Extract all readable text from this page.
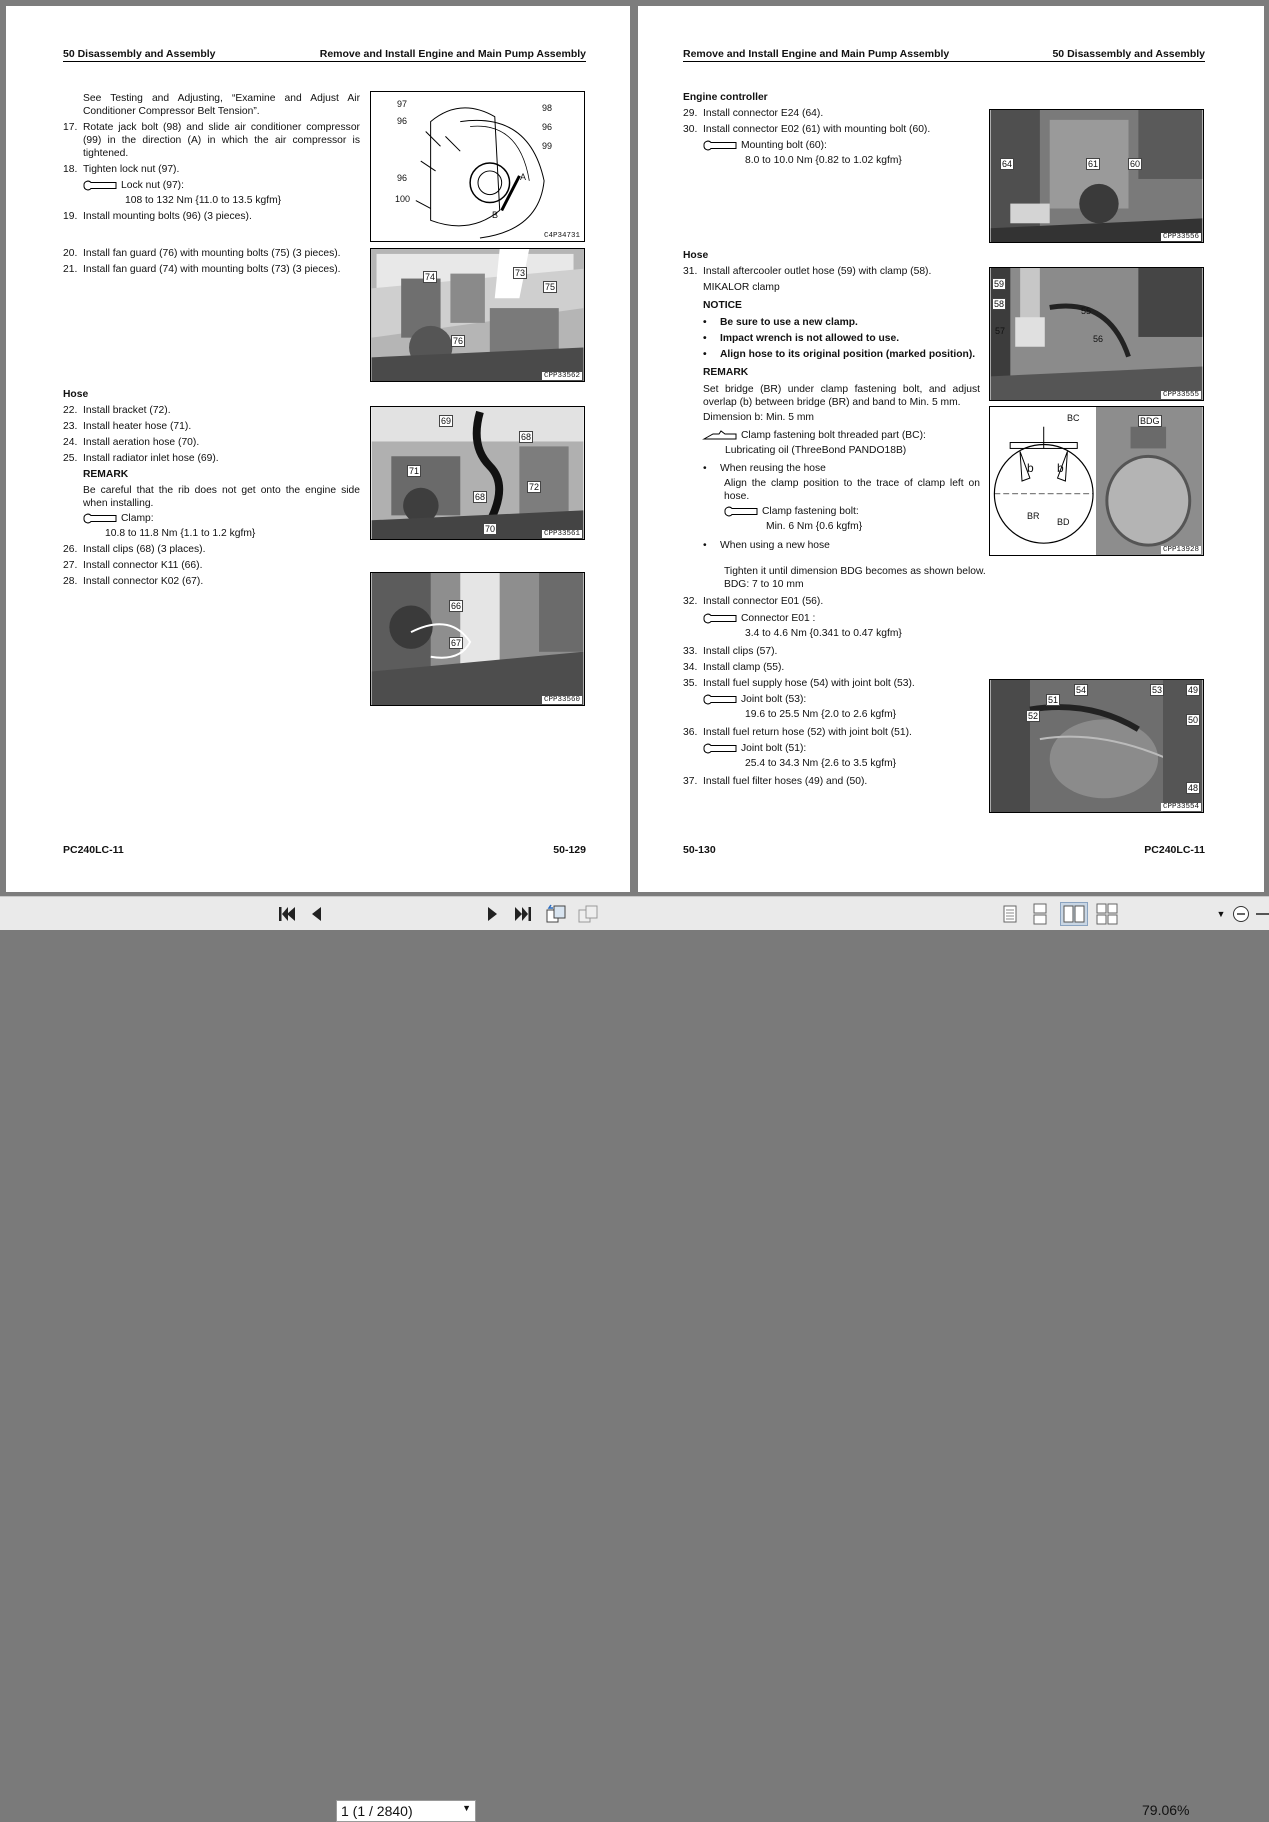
50 Disassembly and Assembly	Remove and Install Engine and Main Pump Assembly
See Testing and Adjusting, “Examine and Adjust Air Conditioner Compressor Belt Tension”.
17. Rotate jack bolt (98) and slide air conditioner compressor (99) in the direction (A) in which the air compressor is tightened.
18. Tighten lock nut (97).
Lock nut (97):
108 to 132 Nm {11.0 to 13.5 kgfm}
19. Install mounting bolts (96) (3 pieces).
20. Install fan guard (76) with mounting bolts (75) (3 pieces).
21. Install fan guard (74) with mounting bolts (73) (3 pieces).
Hose
22. Install bracket (72).
23. Install heater hose (71).
24. Install aeration hose (70).
25. Install radiator inlet hose (69).
REMARK
Be careful that the rib does not get onto the engine side when installing.
Clamp:
10.8 to 11.8 Nm {1.1 to 1.2 kgfm}
26. Install clips (68) (3 places).
27. Install connector K11 (66).
28. Install connector K02 (67).
97
96
98
96
99
96
100
A
B
C4P34731
74	73
75
76
CPP33562
69
68
71
72
68
70	CPP33561
66
67
CPP33560
PC240LC-11	50-129
Remove and Install Engine and Main Pump Assembly	50 Disassembly and Assembly
Engine controller
29. Install connector E24 (64).
30. Install connector E02 (61) with mounting bolt (60).
Mounting bolt (60):
8.0 to 10.0 Nm {0.82 to 1.02 kgfm}
Hose
31. Install aftercooler outlet hose (59) with clamp (58).
MIKALOR clamp
NOTICE
•	Be sure to use a new clamp.
•	Impact wrench is not allowed to use.
•	Align hose to its original position (marked position).
REMARK
Set bridge (BR) under clamp fastening bolt, and adjust overlap (b) between bridge (BR) and band to Min. 5 mm.
Dimension b: Min. 5 mm
Clamp fastening bolt threaded part (BC):
Lubricating oil (ThreeBond PANDO18B)
•	When reusing the hose
Align the clamp position to the trace of clamp left on hose.
Clamp fastening bolt:
Min. 6 Nm {0.6 kgfm}
•	When using a new hose
Tighten it until dimension BDG becomes as shown below.
BDG: 7 to 10 mm
32. Install connector E01 (56).
Connector E01 :
3.4 to 4.6 Nm {0.341 to 0.47 kgfm}
33. Install clips (57).
34. Install clamp (55).
35. Install fuel supply hose (54) with joint bolt (53).
Joint bolt (53):
19.6 to 25.5 Nm {2.0 to 2.6 kgfm}
36. Install fuel return hose (52) with joint bolt (51).
Joint bolt (51):
25.4 to 34.3 Nm {2.6 to 3.5 kgfm}
37. Install fuel filter hoses (49) and (50).
64	61	60
CPP33556
59
58
55
57
56
CPP33555
BC	BDG
b b
BR
BD
CPP13928
54	53	49
51
52	50
48
CPP33554
50-130	PC240LC-11
1 (1 / 2840)	▼	79.06%
▼
